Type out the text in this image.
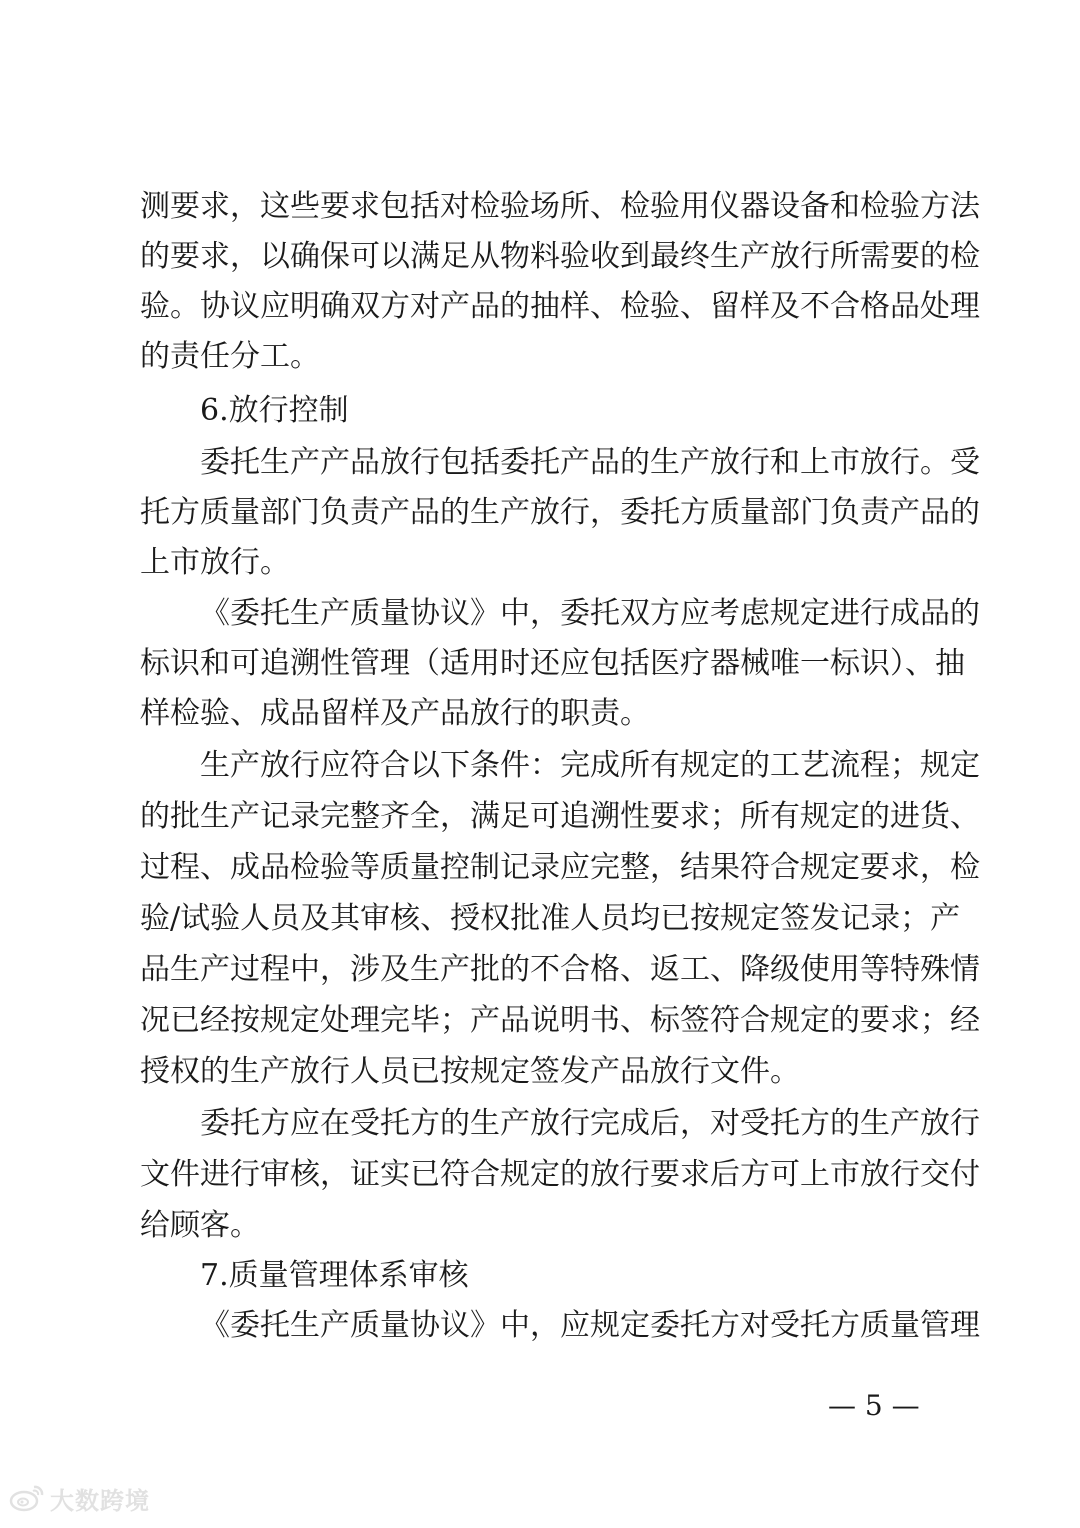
测要求，这些要求包括对检验场所、检验用仪器设备和检验方法
的要求，以确保可以满足从物料验收到最终生产放行所需要的检
验。协议应明确双方对产品的抽样、检验、留样及不合格品处理
的责任分工。
6.放行控制
委托生产产品放行包括委托产品的生产放行和上市放行。受
托方质量部门负责产品的生产放行，委托方质量部门负责产品的
上市放行。
《委托生产质量协议》中，委托双方应考虑规定进行成品的
标识和可追溯性管理（适用时还应包括医疗器械唯一标识）、抽
样检验、成品留样及产品放行的职责。
生产放行应符合以下条件：完成所有规定的工艺流程；规定
的批生产记录完整齐全，满足可追溯性要求；所有规定的进货、
过程、成品检验等质量控制记录应完整，结果符合规定要求，检
验/试验人员及其审核、授权批准人员均已按规定签发记录；产
品生产过程中，涉及生产批的不合格、返工、降级使用等特殊情
况已经按规定处理完毕；产品说明书、标签符合规定的要求；经
授权的生产放行人员已按规定签发产品放行文件。
委托方应在受托方的生产放行完成后，对受托方的生产放行
文件进行审核，证实已符合规定的放行要求后方可上市放行交付
给顾客。
7.质量管理体系审核
《委托生产质量协议》中，应规定委托方对受托方质量管理
— 5 —
大数跨境
